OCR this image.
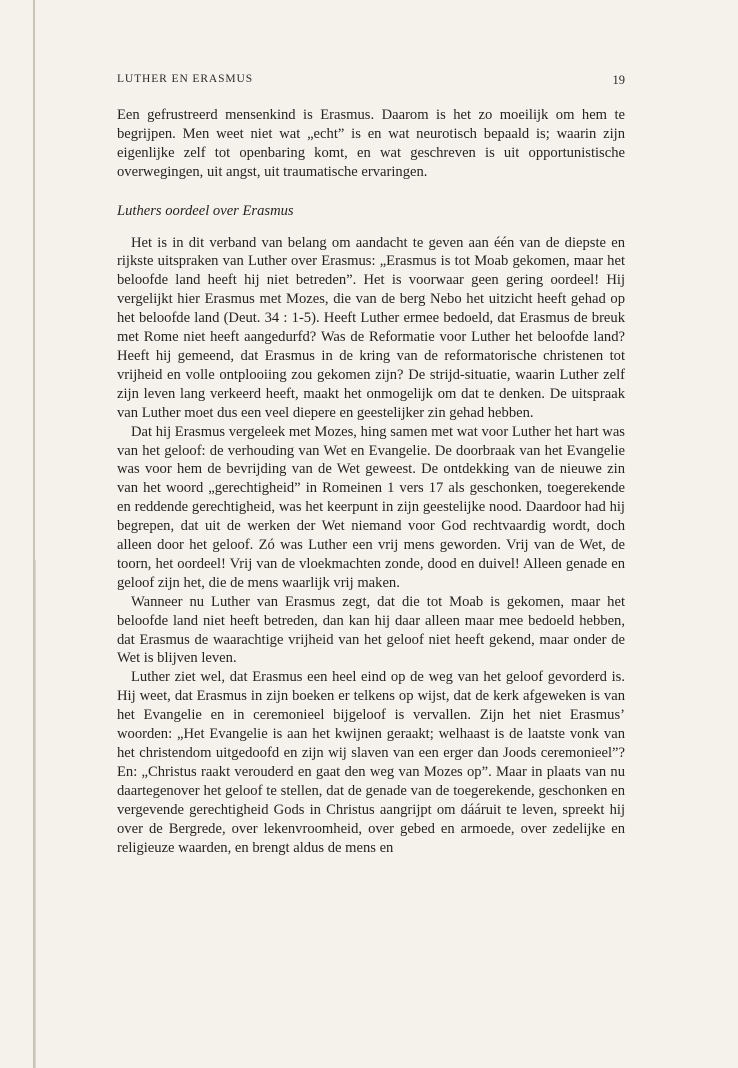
LUTHER EN ERASMUS	19

Een gefrustreerd mensenkind is Erasmus. Daarom is het zo moeilijk om hem te begrijpen. Men weet niet wat „echt” is en wat neurotisch bepaald is; waarin zijn eigenlijke zelf tot openbaring komt, en wat geschreven is uit opportunistische overwegingen, uit angst, uit traumatische ervaringen.

Luthers oordeel over Erasmus

Het is in dit verband van belang om aandacht te geven aan één van de diepste en rijkste uitspraken van Luther over Erasmus: „Erasmus is tot Moab gekomen, maar het beloofde land heeft hij niet betreden”. Het is voorwaar geen gering oordeel! Hij vergelijkt hier Erasmus met Mozes, die van de berg Nebo het uitzicht heeft gehad op het beloofde land (Deut. 34 : 1-5). Heeft Luther ermee bedoeld, dat Erasmus de breuk met Rome niet heeft aangedurfd? Was de Reformatie voor Luther het beloofde land? Heeft hij gemeend, dat Erasmus in de kring van de reformatorische christenen tot vrijheid en volle ontplooiing zou gekomen zijn? De strijd-situatie, waarin Luther zelf zijn leven lang verkeerd heeft, maakt het onmogelijk om dat te denken. De uitspraak van Luther moet dus een veel diepere en geestelijker zin gehad hebben.

Dat hij Erasmus vergeleek met Mozes, hing samen met wat voor Luther het hart was van het geloof: de verhouding van Wet en Evangelie. De doorbraak van het Evangelie was voor hem de bevrijding van de Wet geweest. De ontdekking van de nieuwe zin van het woord „gerechtigheid” in Romeinen 1 vers 17 als geschonken, toegerekende en reddende gerechtigheid, was het keerpunt in zijn geestelijke nood. Daardoor had hij begrepen, dat uit de werken der Wet niemand voor God rechtvaardig wordt, doch alleen door het geloof. Zó was Luther een vrij mens geworden. Vrij van de Wet, de toorn, het oordeel! Vrij van de vloekmachten zonde, dood en duivel! Alleen genade en geloof zijn het, die de mens waarlijk vrij maken.

Wanneer nu Luther van Erasmus zegt, dat die tot Moab is gekomen, maar het beloofde land niet heeft betreden, dan kan hij daar alleen maar mee bedoeld hebben, dat Erasmus de waarachtige vrijheid van het geloof niet heeft gekend, maar onder de Wet is blijven leven.

Luther ziet wel, dat Erasmus een heel eind op de weg van het geloof gevorderd is. Hij weet, dat Erasmus in zijn boeken er telkens op wijst, dat de kerk afgeweken is van het Evangelie en in ceremonieel bijgeloof is vervallen. Zijn het niet Erasmus’ woorden: „Het Evangelie is aan het kwijnen geraakt; welhaast is de laatste vonk van het christendom uitgedoofd en zijn wij slaven van een erger dan Joods ceremonieel”? En: „Christus raakt verouderd en gaat den weg van Mozes op”. Maar in plaats van nu daartegenover het geloof te stellen, dat de genade van de toegerekende, geschonken en vergevende gerechtigheid Gods in Christus aangrijpt om dááruit te leven, spreekt hij over de Bergrede, over lekenvroomheid, over gebed en armoede, over zedelijke en religieuze waarden, en brengt aldus de mens en
